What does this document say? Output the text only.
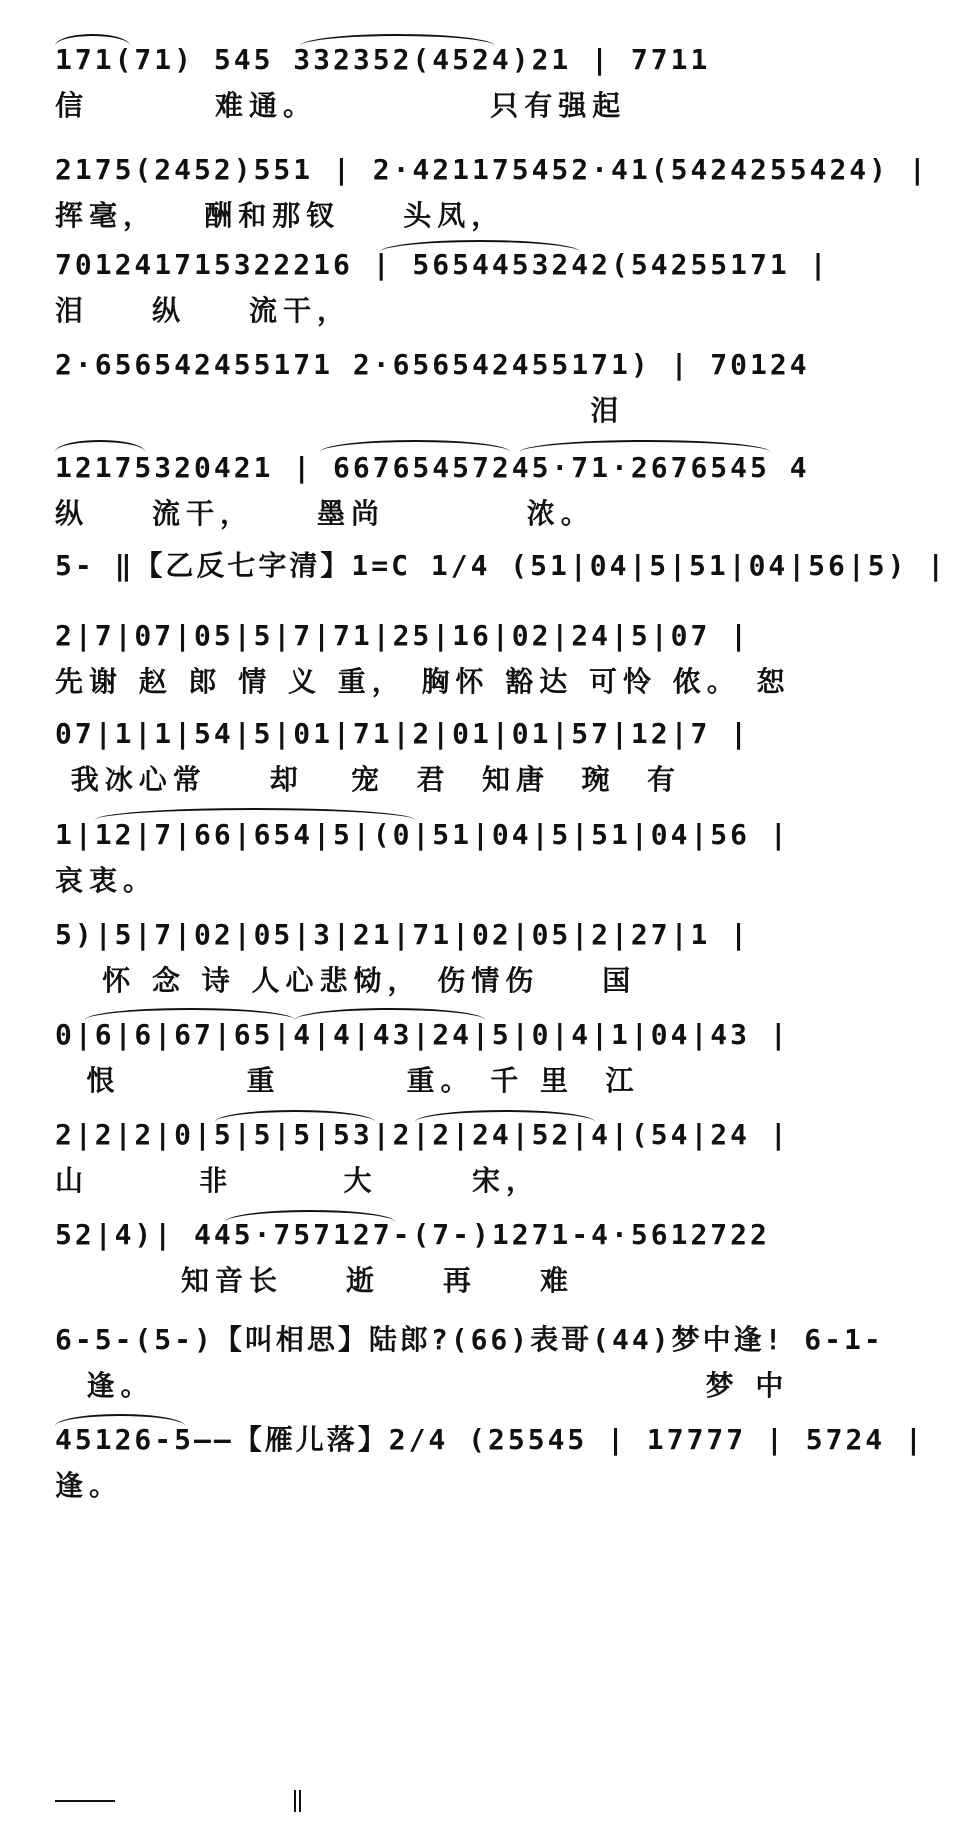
171(71) 545 332352(4524)21 | 7711
信        难通。           只有强起
2175(2452)551 | 2·421175452·41(5424255424) |
挥毫，   酬和那钗    头凤，
701241715322216 | 5654453242(54255171 |
泪    纵    流干，
2·656542455171 2·656542455171) | 70124
泪
12175320421 | 66765457245·71·2676545 4
纵    流干，    墨尚         浓。
5- ‖【乙反七字清】1=C 1/4 (51|04|5|51|04|56|5) |
2|7|07|05|5|7|71|25|16|02|24|5|07 |
先谢 赵 郎 情 义 重， 胸怀 豁达 可怜 侬。 恕
07|1|1|54|5|01|71|2|01|01|57|12|7 |
我冰心常    却   宠  君  知唐  琬  有
1|12|7|66|654|5|(0|51|04|5|51|04|56 |
哀衷。
5)|5|7|02|05|3|21|71|02|05|2|27|1 |
怀 念 诗 人心悲恸， 伤情伤    国
0|6|6|67|65|4|4|43|24|5|0|4|1|04|43 |
恨        重        重。 千 里  江
2|2|2|0|5|5|5|53|2|2|24|52|4|(54|24 |
山       非       大      宋，
52|4)| 445·757127-(7-)1271-4·5612722
知音长    逝    再    难
6-5-(5-)【叫相思】陆郎?(66)表哥(44)梦中逢! 6-1-
逢。                                   梦 中
45126-5——【雁儿落】2/4 (25545 | 17777 | 5724 |
逢。
